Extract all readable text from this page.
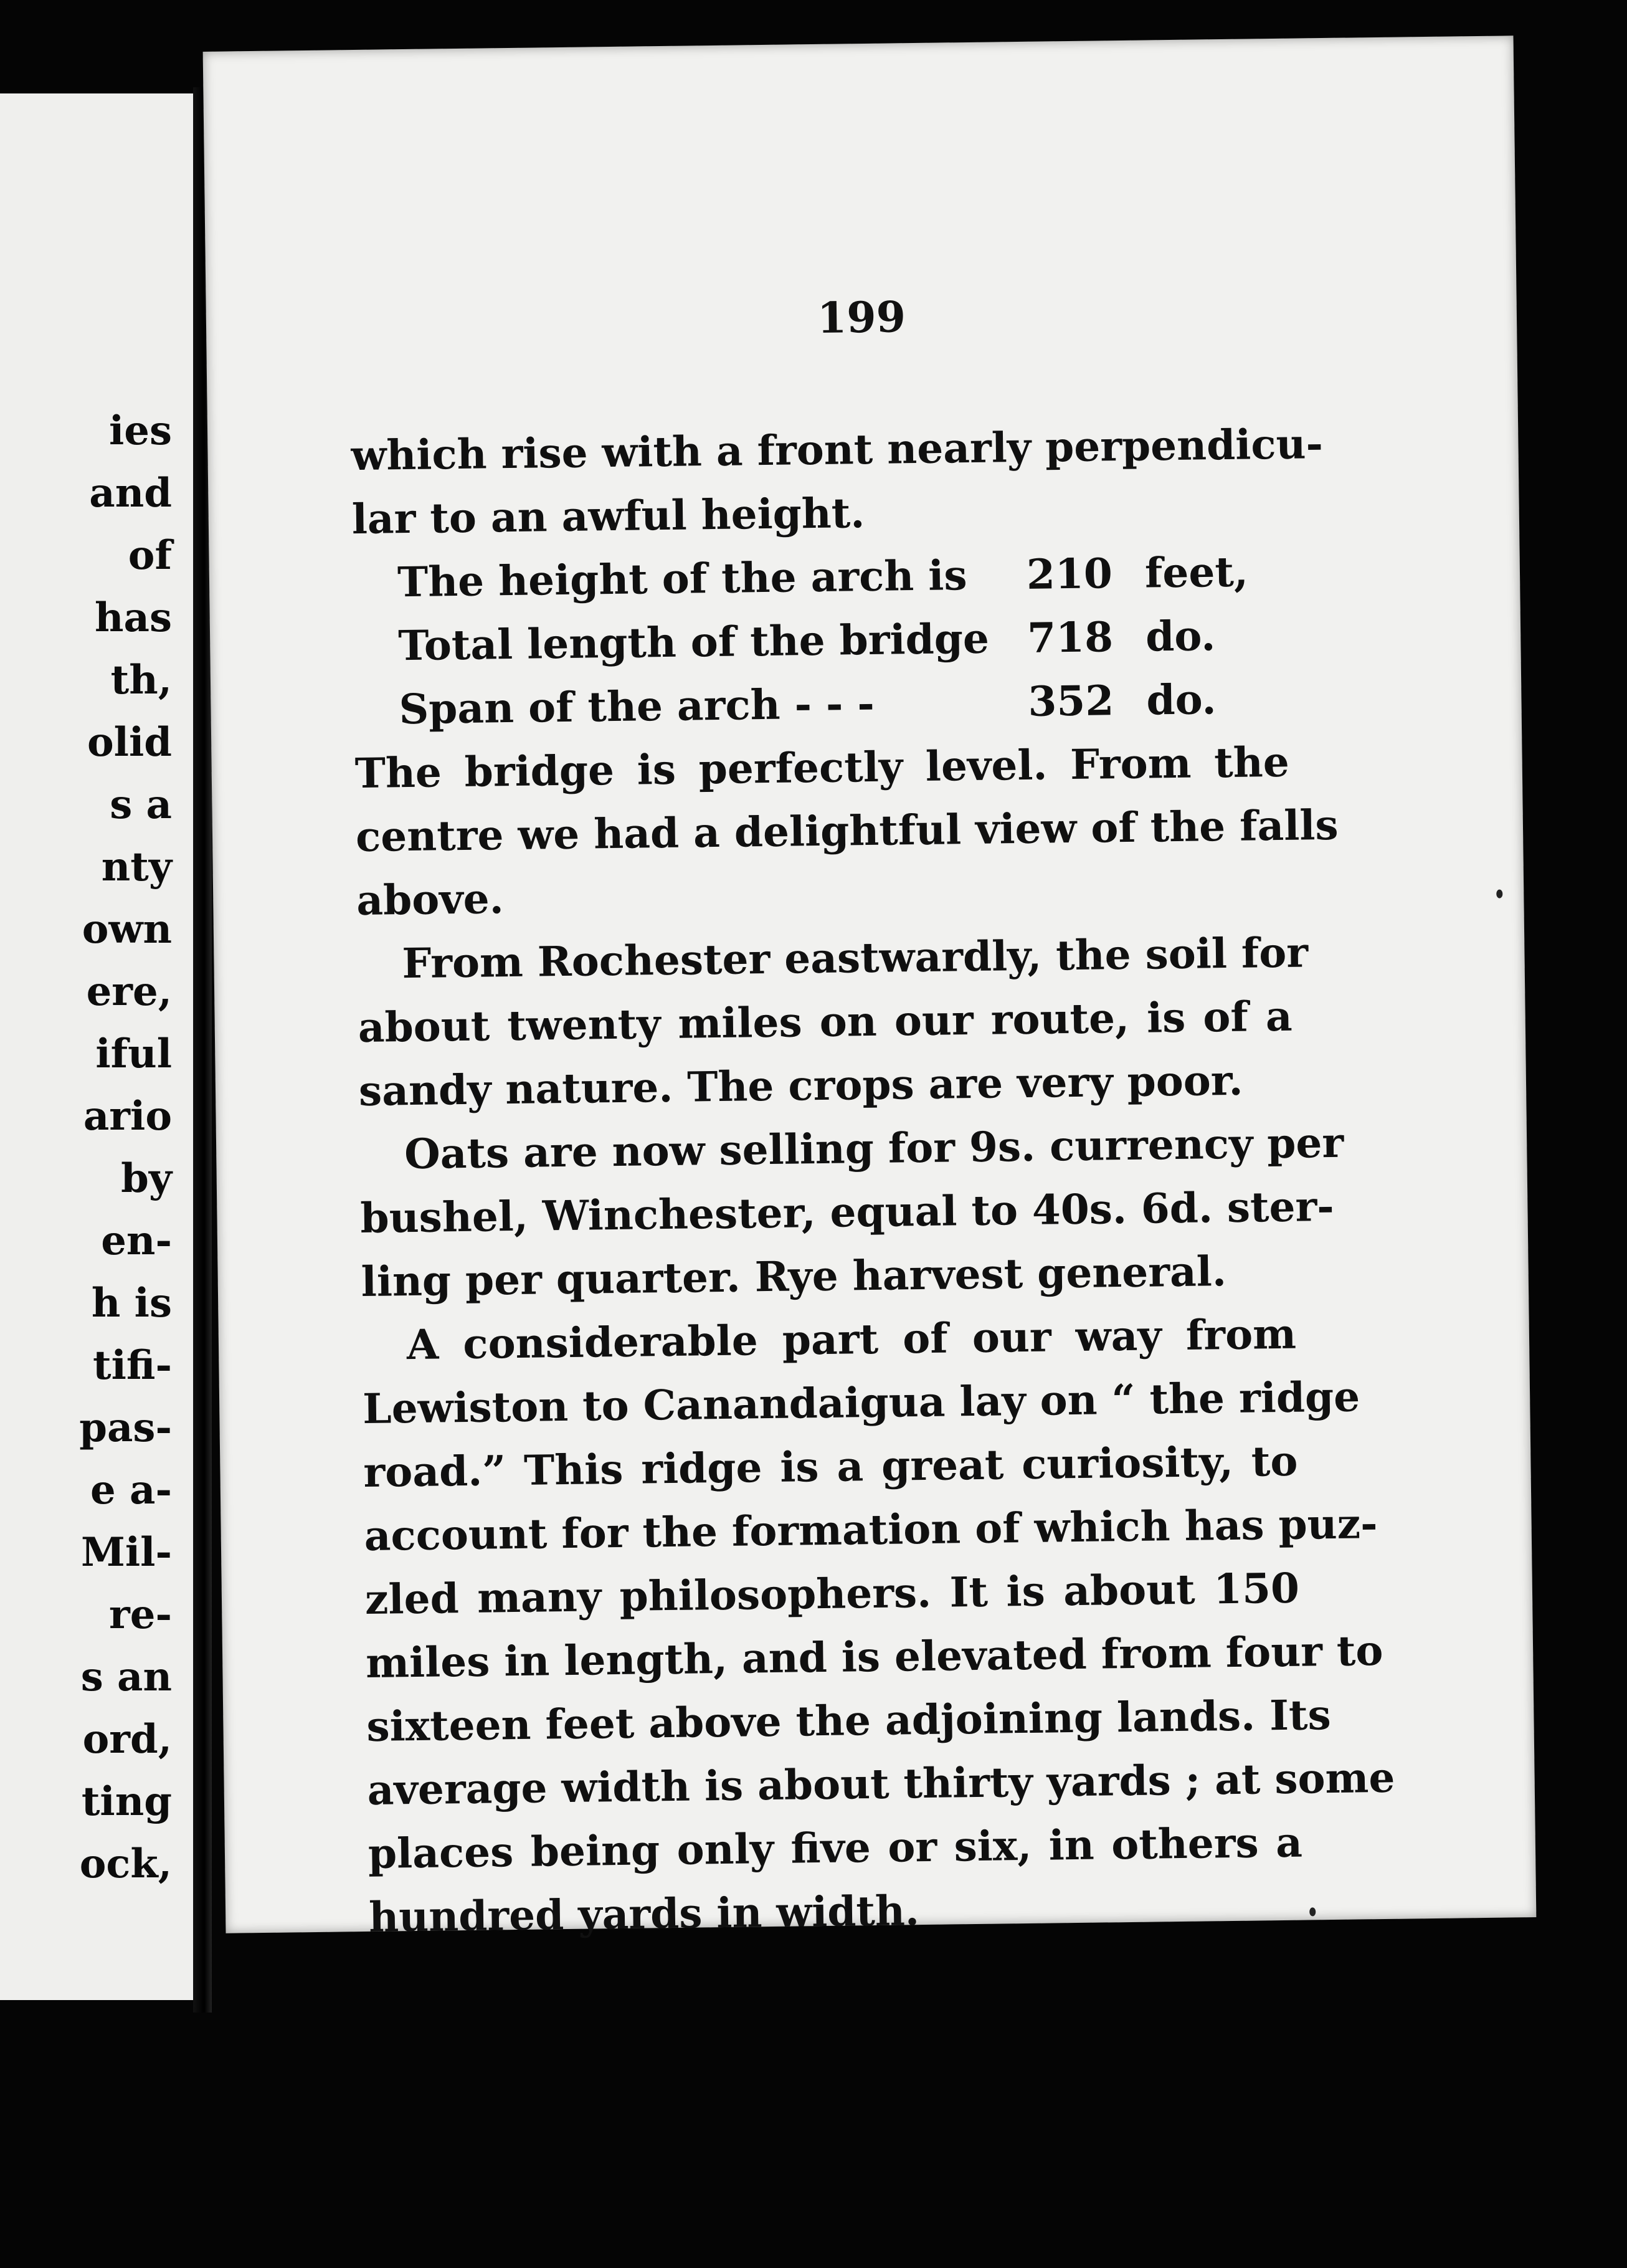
ies
and
of
has
th,
olid
s a
nty
own
ere,
iful
ario
by
en-
h is
tifi-
pas-
e a-
Mil-
re-
s an
ord,
ting
ock,
199
which rise with a front nearly perpendicu-
lar to an awful height.
The height of the arch is	210 feet,
Total length of the bridge 718 do.
Span of the arch - - -	352 do.
The bridge is perfectly level. From the
centre we had a delightful view of the falls
above.
From Rochester eastwardly, the soil for
about twenty miles on our route, is of a
sandy nature. The crops are very poor.
Oats are now selling for 9s. currency per
bushel, Winchester, equal to 40s. 6d. ster-
ling per quarter. Rye harvest general.
A considerable part of our way from
Lewiston to Canandaigua lay on “ the ridge
road.” This ridge is a great curiosity, to
account for the formation of which has puz-
zled many philosophers. It is about 150
miles in length, and is elevated from four to
sixteen feet above the adjoining lands. Its
average width is about thirty yards ; at some
places being only five or six, in others a
hundred yards in width.
